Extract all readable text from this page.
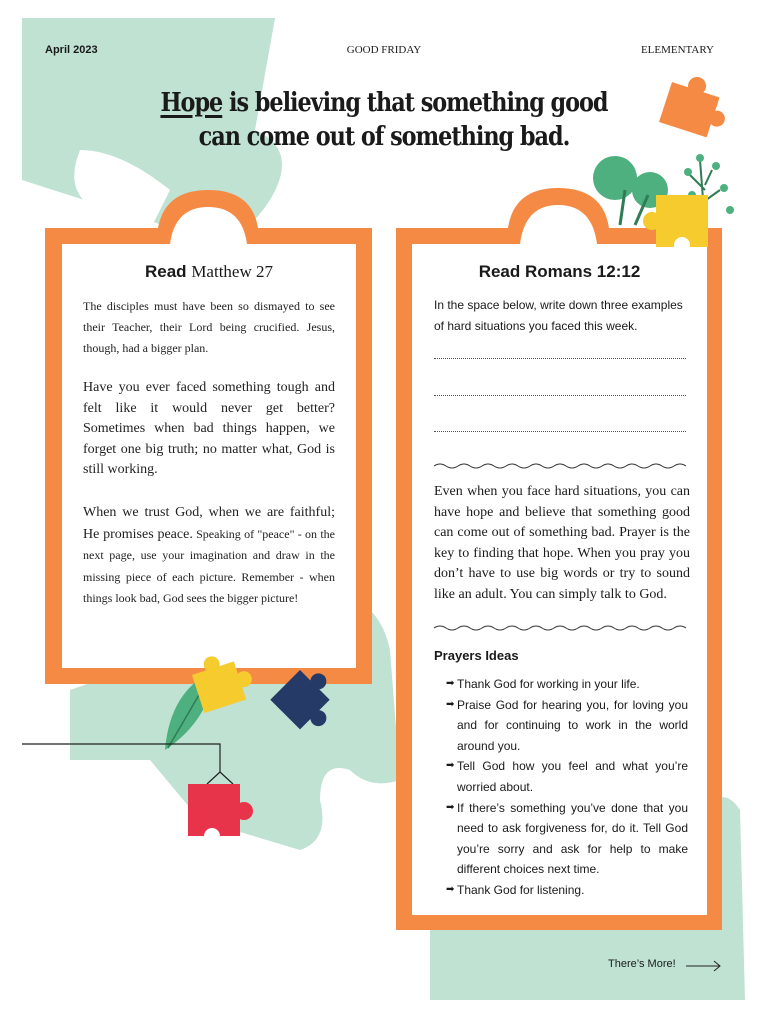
April 2023	GOOD FRIDAY	ELEMENTARY
Hope is believing that something good
can come out of something bad.
Read Matthew 27
The disciples must have been so dismayed to see their Teacher, their Lord being crucified. Jesus, though, had a bigger plan.
Have you ever faced something tough and felt like it would never get better? Sometimes when bad things happen, we forget one big truth; no matter what, God is still working.
When we trust God, when we are faithful; He promises peace. Speaking of "peace" - on the next page, use your imagination and draw in the missing piece of each picture. Remember - when things look bad, God sees the bigger picture!
Read Romans 12:12
In the space below, write down three examples of hard situations you faced this week.
Even when you face hard situations, you can have hope and believe that something good can come out of something bad. Prayer is the key to finding that hope. When you pray you don’t have to use big words or try to sound like an adult. You can simply talk to God.
Prayers Ideas
➡ Thank God for working in your life.
➡ Praise God for hearing you, for loving you and for continuing to work in the world around you.
➡ Tell God how you feel and what you’re worried about.
➡ If there’s something you’ve done that you need to ask forgiveness for, do it. Tell God you’re sorry and ask for help to make different choices next time.
➡ Thank God for listening.
There’s More!
